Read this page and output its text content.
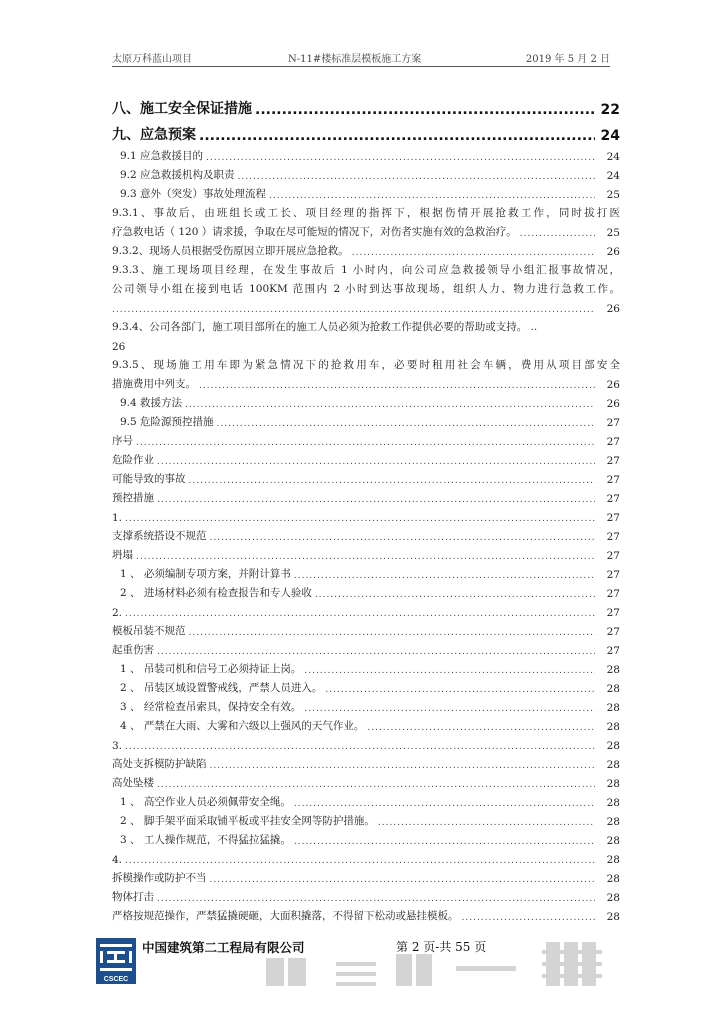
太原万科蓝山项目	N-11#楼标准层模板施工方案	2019 年 5 月 2 日
八、施工安全保证措施 .....	22
九、应急预案 .....	24
9.1 应急救援目的 .....	24
9.2 应急救援机构及职责 .....	24
9.3 意外（突发）事故处理流程 .....	25
9.3.1、事故后，由班组长或工长、项目经理的指挥下，根据伤情开展抢救工作，同时拔打医
疗急救电话（ 120 ）请求援，争取在尽可能短的情况下，对伤者实施有效的急救治疗。 .....	25
9.3.2、现场人员根据受伤原因立即开展应急抢救。 .....	26
9.3.3、施工现场项目经理，在发生事故后 1 小时内，向公司应急救援领导小组汇报事故情况，
公司领导小组在接到电话 100KM 范围内 2 小时到达事故现场，组织人力、物力进行急救工作。
.....
26
9.3.4、公司各部门，施工项目部所在的施工人员必须为抢救工作提供必要的帮助或支持。 ..
26
9.3.5、现场施工用车即为紧急情况下的抢救用车，必要时租用社会车辆，费用从项目部安全
措施费用中列支。 .....	26
9.4 救援方法 .....	26
9.5 危险源预控措施 .....	27
序号 .....	27
危险作业 .....	27
可能导致的事故 .....	27
预控措施 .....	27
1. .....	27
支撑系统搭设不规范 .....	27
坍塌 .....	27
1 、 必须编制专项方案，并附计算书 .....	27
2 、 进场材料必须有检查报告和专人验收 .....	27
2. .....	27
模板吊装不规范 .....	27
起重伤害 .....	27
1 、 吊装司机和信号工必须持证上岗。 .....	28
2 、 吊装区域设置警戒线，严禁人员进入。 .....	28
3 、 经常检查吊索具，保持安全有效。 .....	28
4 、 严禁在大雨、大雾和六级以上强风的天气作业。 .....	28
3. .....	28
高处支拆模防护缺陷 .....	28
高处坠楼 .....	28
1 、 高空作业人员必须佩带安全绳。 .....	28
2 、 脚手架平面采取铺平板或平挂安全网等防护措施。 .....	28
3 、 工人操作规范，不得猛拉猛撬。 .....	28
4. .....	28
拆模操作或防护不当 .....	28
物体打击 .....	28
严格按规范操作，严禁猛撬硬砸，大面积撬落，不得留下松动或悬挂模板。 .....	28
CSCEC
中国建筑第二工程局有限公司	第 2 页-共 55 页
